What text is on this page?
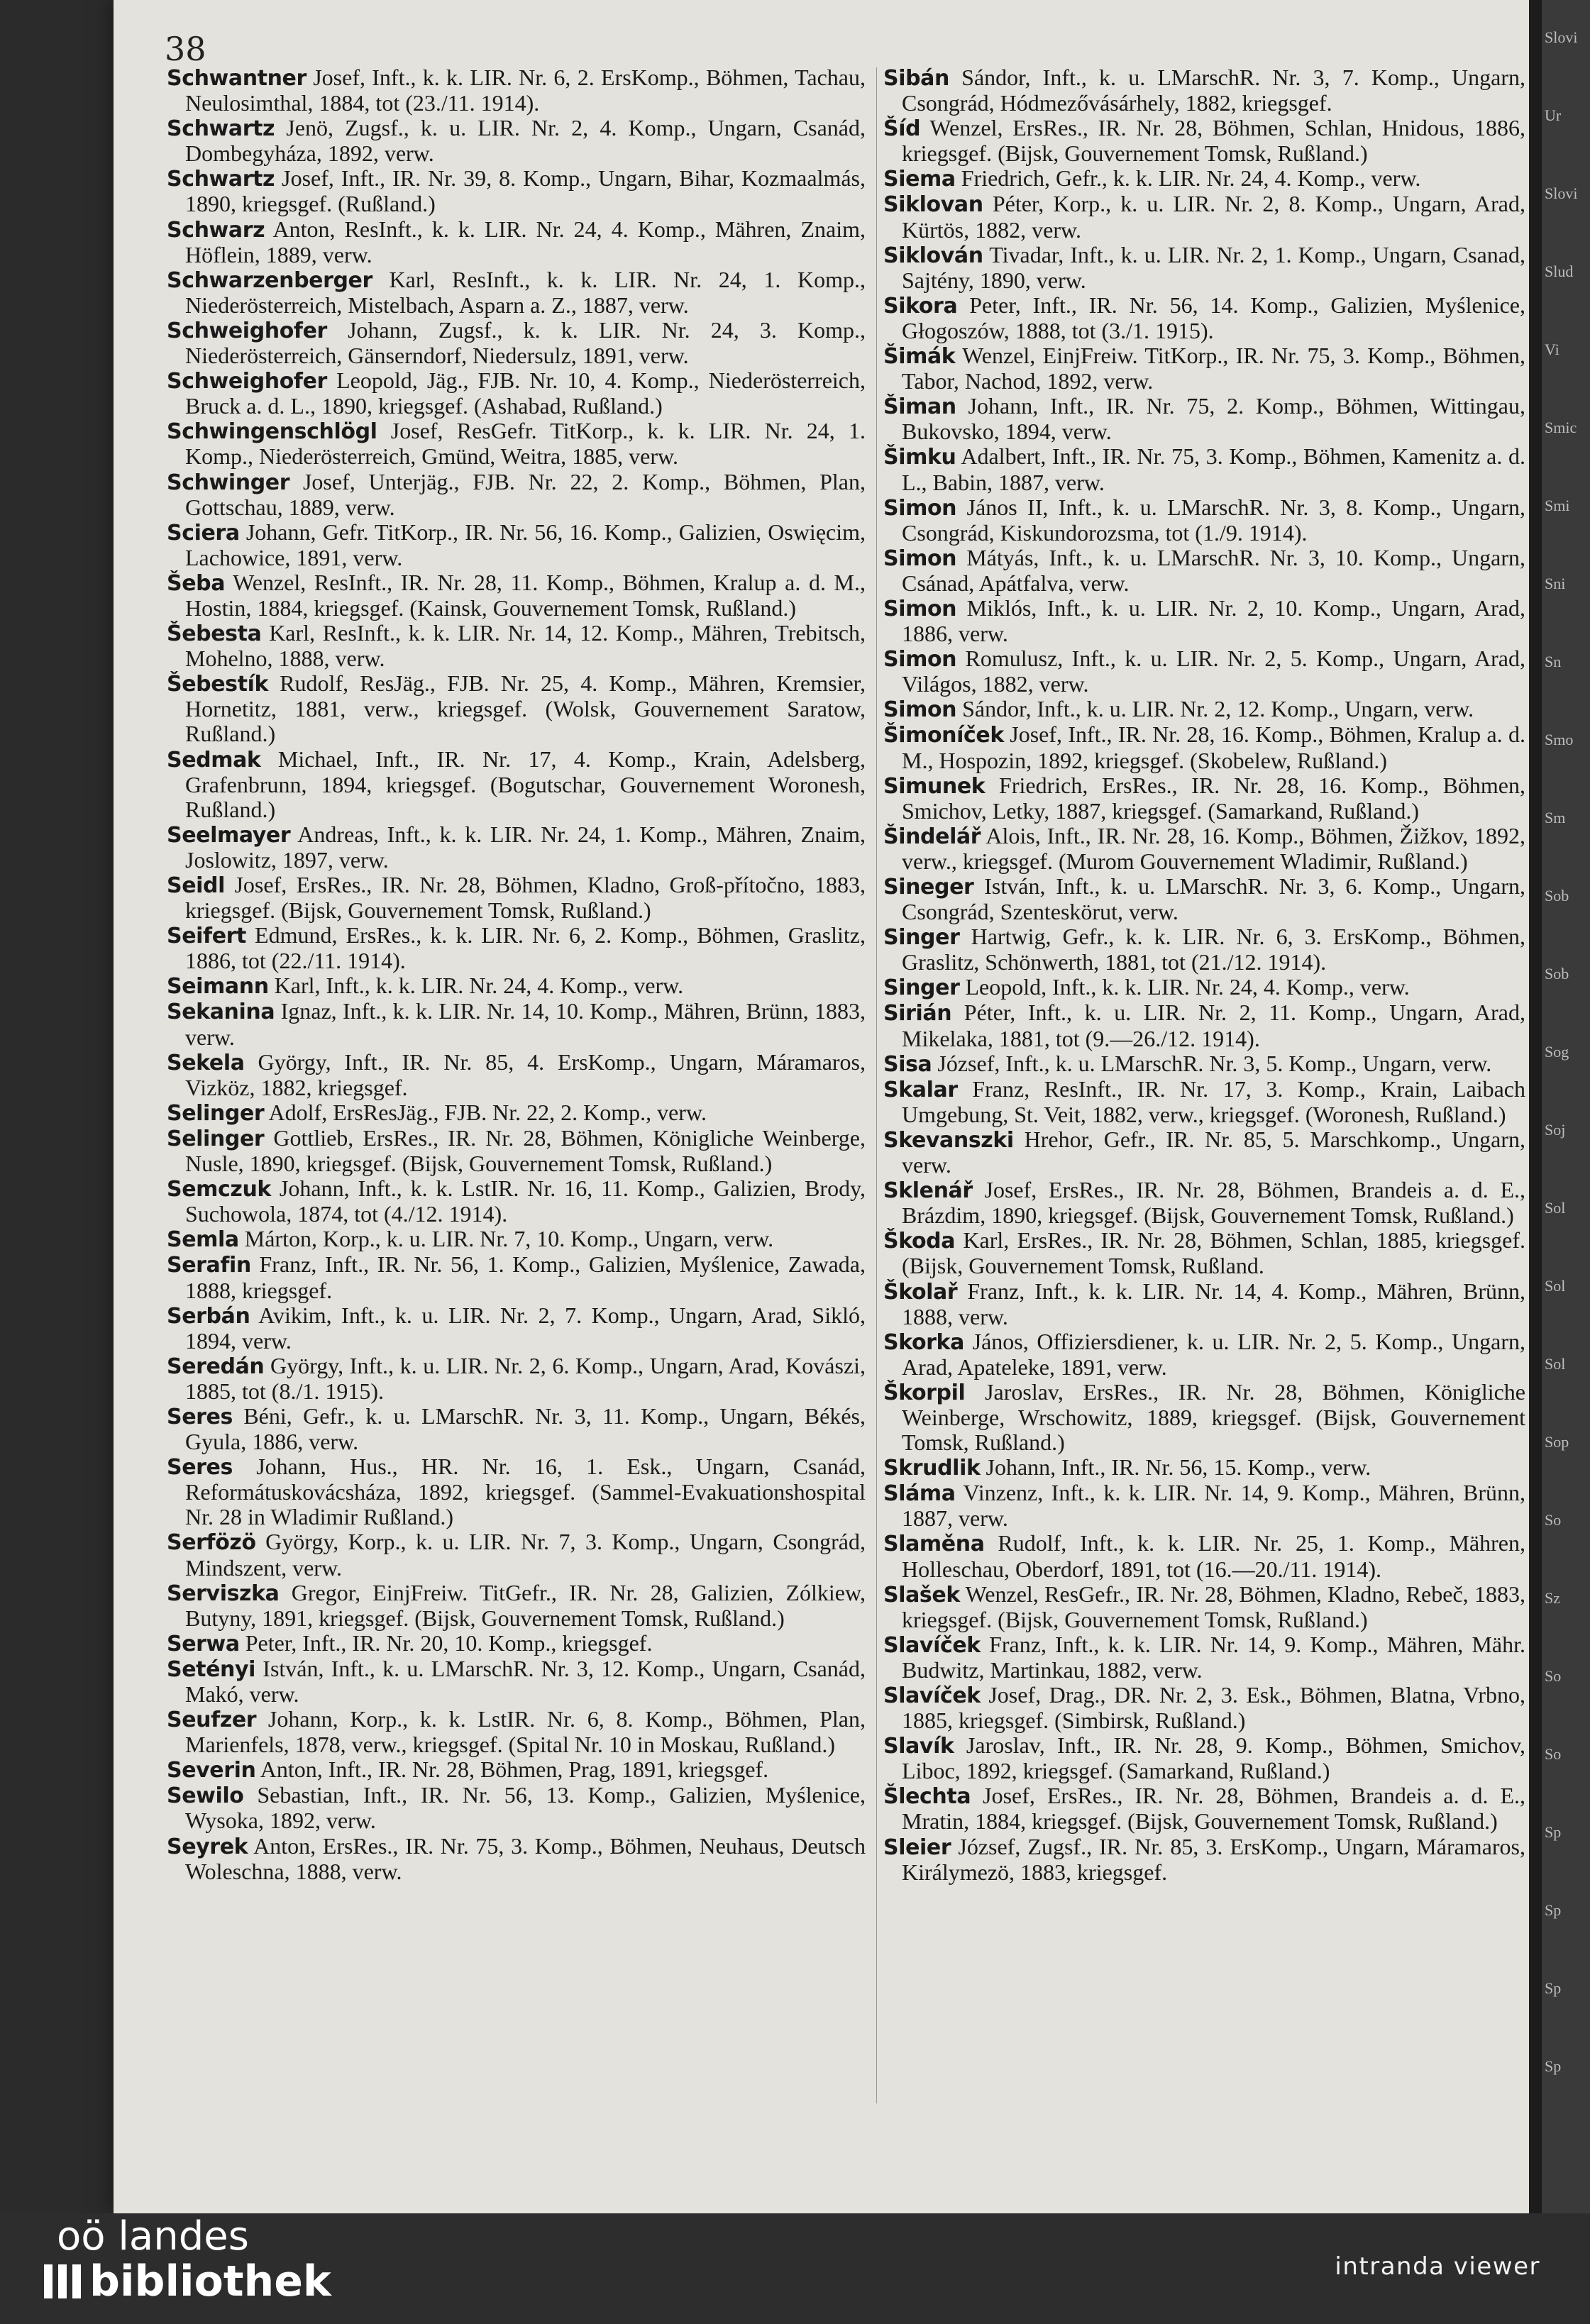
38
Schwantner Josef, Inft., k. k. LIR. Nr. 6, 2. ErsKomp., Böhmen, Tachau, Neulosimthal, 1884, tot (23./11. 1914).
Schwartz Jenö, Zugsf., k. u. LIR. Nr. 2, 4. Komp., Ungarn, Csanád, Dombegyháza, 1892, verw.
Schwartz Josef, Inft., IR. Nr. 39, 8. Komp., Ungarn, Bihar, Kozmaalmás, 1890, kriegsgef. (Rußland.)
Schwarz Anton, ResInft., k. k. LIR. Nr. 24, 4. Komp., Mähren, Znaim, Höflein, 1889, verw.
Schwarzenberger Karl, ResInft., k. k. LIR. Nr. 24, 1. Komp., Niederösterreich, Mistelbach, Asparn a. Z., 1887, verw.
Schweighofer Johann, Zugsf., k. k. LIR. Nr. 24, 3. Komp., Niederösterreich, Gänserndorf, Niedersulz, 1891, verw.
Schweighofer Leopold, Jäg., FJB. Nr. 10, 4. Komp., Niederösterreich, Bruck a. d. L., 1890, kriegsgef. (Ashabad, Rußland.)
Schwingenschlögl Josef, ResGefr. TitKorp., k. k. LIR. Nr. 24, 1. Komp., Niederösterreich, Gmünd, Weitra, 1885, verw.
Schwinger Josef, Unterjäg., FJB. Nr. 22, 2. Komp., Böhmen, Plan, Gottschau, 1889, verw.
Sciera Johann, Gefr. TitKorp., IR. Nr. 56, 16. Komp., Galizien, Oswięcim, Lachowice, 1891, verw.
Šeba Wenzel, ResInft., IR. Nr. 28, 11. Komp., Böhmen, Kralup a. d. M., Hostin, 1884, kriegsgef. (Kainsk, Gouvernement Tomsk, Rußland.)
Šebesta Karl, ResInft., k. k. LIR. Nr. 14, 12. Komp., Mähren, Trebitsch, Mohelno, 1888, verw.
Šebestík Rudolf, ResJäg., FJB. Nr. 25, 4. Komp., Mähren, Kremsier, Hornetitz, 1881, verw., kriegsgef. (Wolsk, Gouvernement Saratow, Rußland.)
Sedmak Michael, Inft., IR. Nr. 17, 4. Komp., Krain, Adelsberg, Grafenbrunn, 1894, kriegsgef. (Bogutschar, Gouvernement Woronesh, Rußland.)
Seelmayer Andreas, Inft., k. k. LIR. Nr. 24, 1. Komp., Mähren, Znaim, Joslowitz, 1897, verw.
Seidl Josef, ErsRes., IR. Nr. 28, Böhmen, Kladno, Groß-přítočno, 1883, kriegsgef. (Bijsk, Gouvernement Tomsk, Rußland.)
Seifert Edmund, ErsRes., k. k. LIR. Nr. 6, 2. Komp., Böhmen, Graslitz, 1886, tot (22./11. 1914).
Seimann Karl, Inft., k. k. LIR. Nr. 24, 4. Komp., verw.
Sekanina Ignaz, Inft., k. k. LIR. Nr. 14, 10. Komp., Mähren, Brünn, 1883, verw.
Sekela György, Inft., IR. Nr. 85, 4. ErsKomp., Ungarn, Máramaros, Vizköz, 1882, kriegsgef.
Selinger Adolf, ErsResJäg., FJB. Nr. 22, 2. Komp., verw.
Selinger Gottlieb, ErsRes., IR. Nr. 28, Böhmen, Königliche Weinberge, Nusle, 1890, kriegsgef. (Bijsk, Gouvernement Tomsk, Rußland.)
Semczuk Johann, Inft., k. k. LstIR. Nr. 16, 11. Komp., Galizien, Brody, Suchowola, 1874, tot (4./12. 1914).
Semla Márton, Korp., k. u. LIR. Nr. 7, 10. Komp., Ungarn, verw.
Serafin Franz, Inft., IR. Nr. 56, 1. Komp., Galizien, Myślenice, Zawada, 1888, kriegsgef.
Serbán Avikim, Inft., k. u. LIR. Nr. 2, 7. Komp., Ungarn, Arad, Sikló, 1894, verw.
Seredán György, Inft., k. u. LIR. Nr. 2, 6. Komp., Ungarn, Arad, Kovászi, 1885, tot (8./1. 1915).
Seres Béni, Gefr., k. u. LMarschR. Nr. 3, 11. Komp., Ungarn, Békés, Gyula, 1886, verw.
Seres Johann, Hus., HR. Nr. 16, 1. Esk., Ungarn, Csanád, Reformátuskovácsháza, 1892, kriegsgef. (Sammel-Evakuationshospital Nr. 28 in Wladimir Rußland.)
Serfözö György, Korp., k. u. LIR. Nr. 7, 3. Komp., Ungarn, Csongrád, Mindszent, verw.
Serviszka Gregor, EinjFreiw. TitGefr., IR. Nr. 28, Galizien, Zólkiew, Butyny, 1891, kriegsgef. (Bijsk, Gouvernement Tomsk, Rußland.)
Serwa Peter, Inft., IR. Nr. 20, 10. Komp., kriegsgef.
Setényi István, Inft., k. u. LMarschR. Nr. 3, 12. Komp., Ungarn, Csanád, Makó, verw.
Seufzer Johann, Korp., k. k. LstIR. Nr. 6, 8. Komp., Böhmen, Plan, Marienfels, 1878, verw., kriegsgef. (Spital Nr. 10 in Moskau, Rußland.)
Severin Anton, Inft., IR. Nr. 28, Böhmen, Prag, 1891, kriegsgef.
Sewilo Sebastian, Inft., IR. Nr. 56, 13. Komp., Galizien, Myślenice, Wysoka, 1892, verw.
Seyrek Anton, ErsRes., IR. Nr. 75, 3. Komp., Böhmen, Neuhaus, Deutsch Woleschna, 1888, verw.
Sibán Sándor, Inft., k. u. LMarschR. Nr. 3, 7. Komp., Ungarn, Csongrád, Hódmezővásárhely, 1882, kriegsgef.
Šíd Wenzel, ErsRes., IR. Nr. 28, Böhmen, Schlan, Hnidous, 1886, kriegsgef. (Bijsk, Gouvernement Tomsk, Rußland.)
Siema Friedrich, Gefr., k. k. LIR. Nr. 24, 4. Komp., verw.
Siklovan Péter, Korp., k. u. LIR. Nr. 2, 8. Komp., Ungarn, Arad, Kürtös, 1882, verw.
Siklován Tivadar, Inft., k. u. LIR. Nr. 2, 1. Komp., Ungarn, Csanad, Sajtény, 1890, verw.
Sikora Peter, Inft., IR. Nr. 56, 14. Komp., Galizien, Myślenice, Głogoszów, 1888, tot (3./1. 1915).
Šimák Wenzel, EinjFreiw. TitKorp., IR. Nr. 75, 3. Komp., Böhmen, Tabor, Nachod, 1892, verw.
Šiman Johann, Inft., IR. Nr. 75, 2. Komp., Böhmen, Wittingau, Bukovsko, 1894, verw.
Šimku Adalbert, Inft., IR. Nr. 75, 3. Komp., Böhmen, Kamenitz a. d. L., Babin, 1887, verw.
Simon János II, Inft., k. u. LMarschR. Nr. 3, 8. Komp., Ungarn, Csongrád, Kiskundorozsma, tot (1./9. 1914).
Simon Mátyás, Inft., k. u. LMarschR. Nr. 3, 10. Komp., Ungarn, Csánad, Apátfalva, verw.
Simon Miklós, Inft., k. u. LIR. Nr. 2, 10. Komp., Ungarn, Arad, 1886, verw.
Simon Romulusz, Inft., k. u. LIR. Nr. 2, 5. Komp., Ungarn, Arad, Világos, 1882, verw.
Simon Sándor, Inft., k. u. LIR. Nr. 2, 12. Komp., Ungarn, verw.
Šimoníček Josef, Inft., IR. Nr. 28, 16. Komp., Böhmen, Kralup a. d. M., Hospozin, 1892, kriegsgef. (Skobelew, Rußland.)
Simunek Friedrich, ErsRes., IR. Nr. 28, 16. Komp., Böhmen, Smichov, Letky, 1887, kriegsgef. (Samarkand, Rußland.)
Šindelář Alois, Inft., IR. Nr. 28, 16. Komp., Böhmen, Žižkov, 1892, verw., kriegsgef. (Murom Gouvernement Wladimir, Rußland.)
Sineger István, Inft., k. u. LMarschR. Nr. 3, 6. Komp., Ungarn, Csongrád, Szenteskörut, verw.
Singer Hartwig, Gefr., k. k. LIR. Nr. 6, 3. ErsKomp., Böhmen, Graslitz, Schönwerth, 1881, tot (21./12. 1914).
Singer Leopold, Inft., k. k. LIR. Nr. 24, 4. Komp., verw.
Sirián Péter, Inft., k. u. LIR. Nr. 2, 11. Komp., Ungarn, Arad, Mikelaka, 1881, tot (9.—26./12. 1914).
Sisa József, Inft., k. u. LMarschR. Nr. 3, 5. Komp., Ungarn, verw.
Skalar Franz, ResInft., IR. Nr. 17, 3. Komp., Krain, Laibach Umgebung, St. Veit, 1882, verw., kriegsgef. (Woronesh, Rußland.)
Skevanszki Hrehor, Gefr., IR. Nr. 85, 5. Marschkomp., Ungarn, verw.
Sklenář Josef, ErsRes., IR. Nr. 28, Böhmen, Brandeis a. d. E., Brázdim, 1890, kriegsgef. (Bijsk, Gouvernement Tomsk, Rußland.)
Škoda Karl, ErsRes., IR. Nr. 28, Böhmen, Schlan, 1885, kriegsgef. (Bijsk, Gouvernement Tomsk, Rußland.
Školař Franz, Inft., k. k. LIR. Nr. 14, 4. Komp., Mähren, Brünn, 1888, verw.
Skorka János, Offiziersdiener, k. u. LIR. Nr. 2, 5. Komp., Ungarn, Arad, Apateleke, 1891, verw.
Škorpil Jaroslav, ErsRes., IR. Nr. 28, Böhmen, Königliche Weinberge, Wrschowitz, 1889, kriegsgef. (Bijsk, Gouvernement Tomsk, Rußland.)
Skrudlik Johann, Inft., IR. Nr. 56, 15. Komp., verw.
Sláma Vinzenz, Inft., k. k. LIR. Nr. 14, 9. Komp., Mähren, Brünn, 1887, verw.
Slaměna Rudolf, Inft., k. k. LIR. Nr. 25, 1. Komp., Mähren, Holleschau, Oberdorf, 1891, tot (16.—20./11. 1914).
Slašek Wenzel, ResGefr., IR. Nr. 28, Böhmen, Kladno, Rebeč, 1883, kriegsgef. (Bijsk, Gouvernement Tomsk, Rußland.)
Slavíček Franz, Inft., k. k. LIR. Nr. 14, 9. Komp., Mähren, Mähr. Budwitz, Martinkau, 1882, verw.
Slavíček Josef, Drag., DR. Nr. 2, 3. Esk., Böhmen, Blatna, Vrbno, 1885, kriegsgef. (Simbirsk, Rußland.)
Slavík Jaroslav, Inft., IR. Nr. 28, 9. Komp., Böhmen, Smichov, Liboc, 1892, kriegsgef. (Samarkand, Rußland.)
Šlechta Josef, ErsRes., IR. Nr. 28, Böhmen, Brandeis a. d. E., Mratin, 1884, kriegsgef. (Bijsk, Gouvernement Tomsk, Rußland.)
Sleier József, Zugsf., IR. Nr. 85, 3. ErsKomp., Ungarn, Máramaros, Királymezö, 1883, kriegsgef.
Slovi
Ur
Slovi
Slud
Vi
Smic
Smi
Sni
Sn
Smo
Sm
Sob
Sob
Sog
Soj
Sol
Sol
Sol
Sop
So
Sz
So
So
Sp
Sp
Sp
Sp
oö landes
bibliothek	intranda viewer
